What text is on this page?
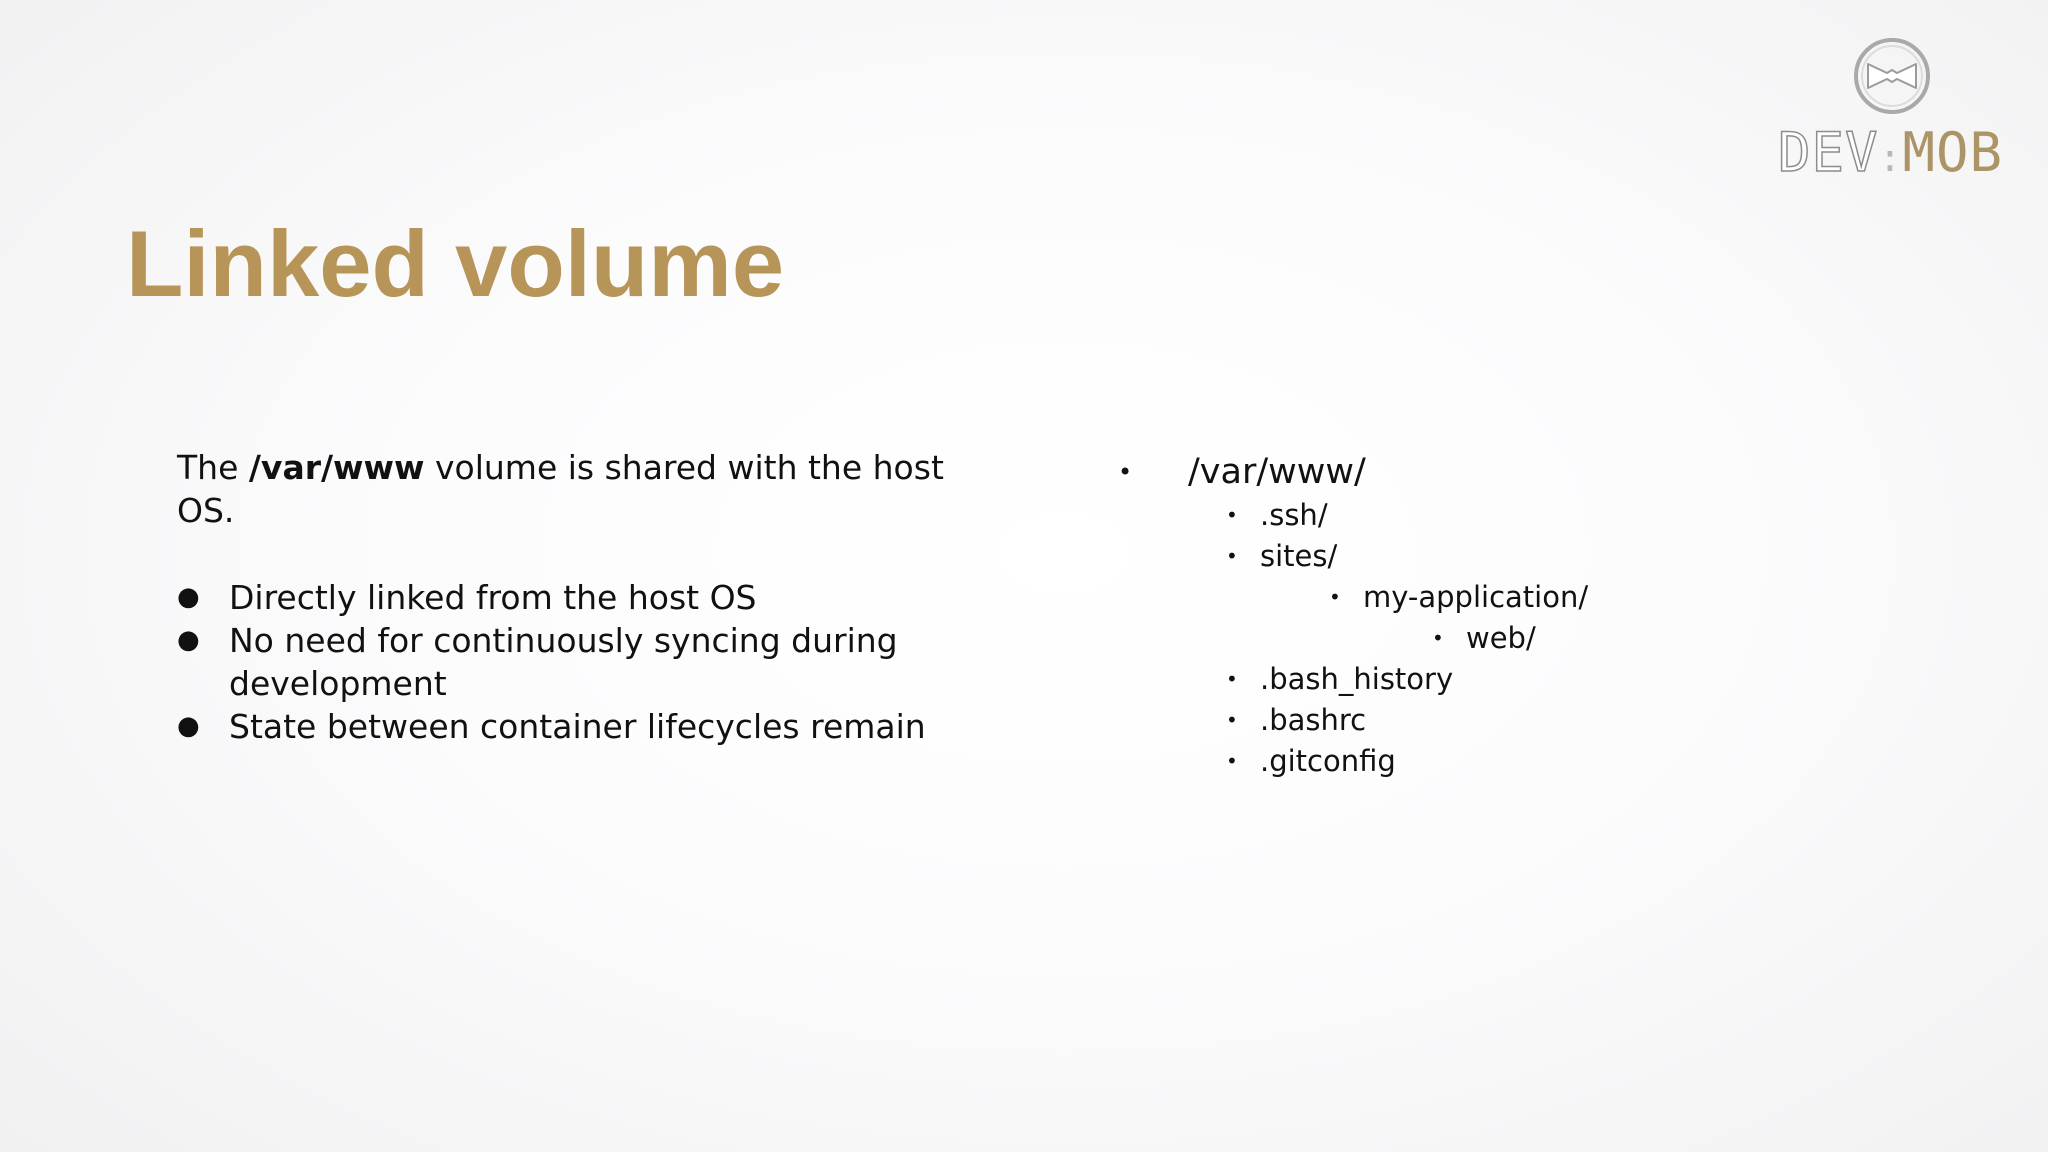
DEV:MOB
Linked volume
The /var/www volume is shared with the host OS.
● Directly linked from the host OS
● No need for continuously syncing during development
● State between container lifecycles remain
• /var/www/
• .ssh/
• sites/
• my-application/
• web/
• .bash_history
• .bashrc
• .gitconfig
